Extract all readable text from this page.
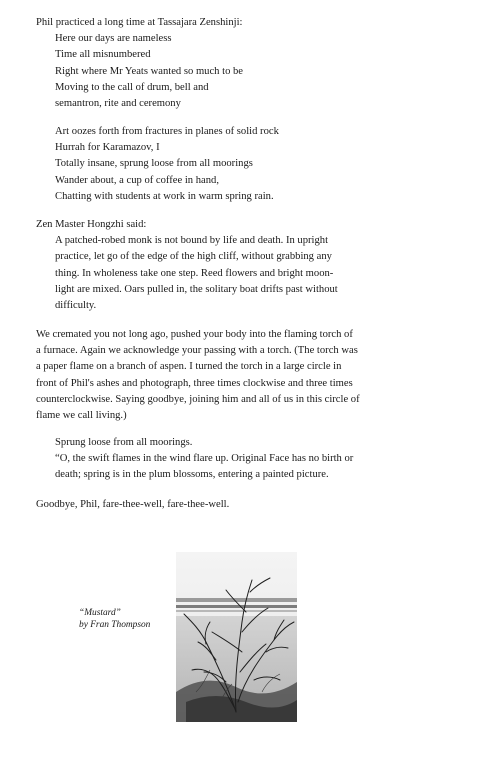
Phil practiced a long time at Tassajara Zenshinji:
Here our days are nameless
Time all misnumbered
Right where Mr Yeats wanted so much to be
Moving to the call of drum, bell and
semantron, rite and ceremony
Art oozes forth from fractures in planes of solid rock
Hurrah for Karamazov, I
Totally insane, sprung loose from all moorings
Wander about, a cup of coffee in hand,
Chatting with students at work in warm spring rain.
Zen Master Hongzhi said:
A patched-robed monk is not bound by life and death. In upright
practice, let go of the edge of the high cliff, without grabbing any
thing. In wholeness take one step. Reed flowers and bright moon-
light are mixed. Oars pulled in, the solitary boat drifts past without
difficulty.
We cremated you not long ago, pushed your body into the flaming torch of
a furnace. Again we acknowledge your passing with a torch. (The torch was
a paper flame on a branch of aspen. I turned the torch in a large circle in
front of Phil's ashes and photograph, three times clockwise and three times
counterclockwise. Saying goodbye, joining him and all of us in this circle of
flame we call living.)
Sprung loose from all moorings.
“O, the swift flames in the wind flare up. Original Face has no birth or
death; spring is in the plum blossoms, entering a painted picture.
Goodbye, Phil, fare-thee-well, fare-thee-well.
“Mustard”
by Fran Thompson
